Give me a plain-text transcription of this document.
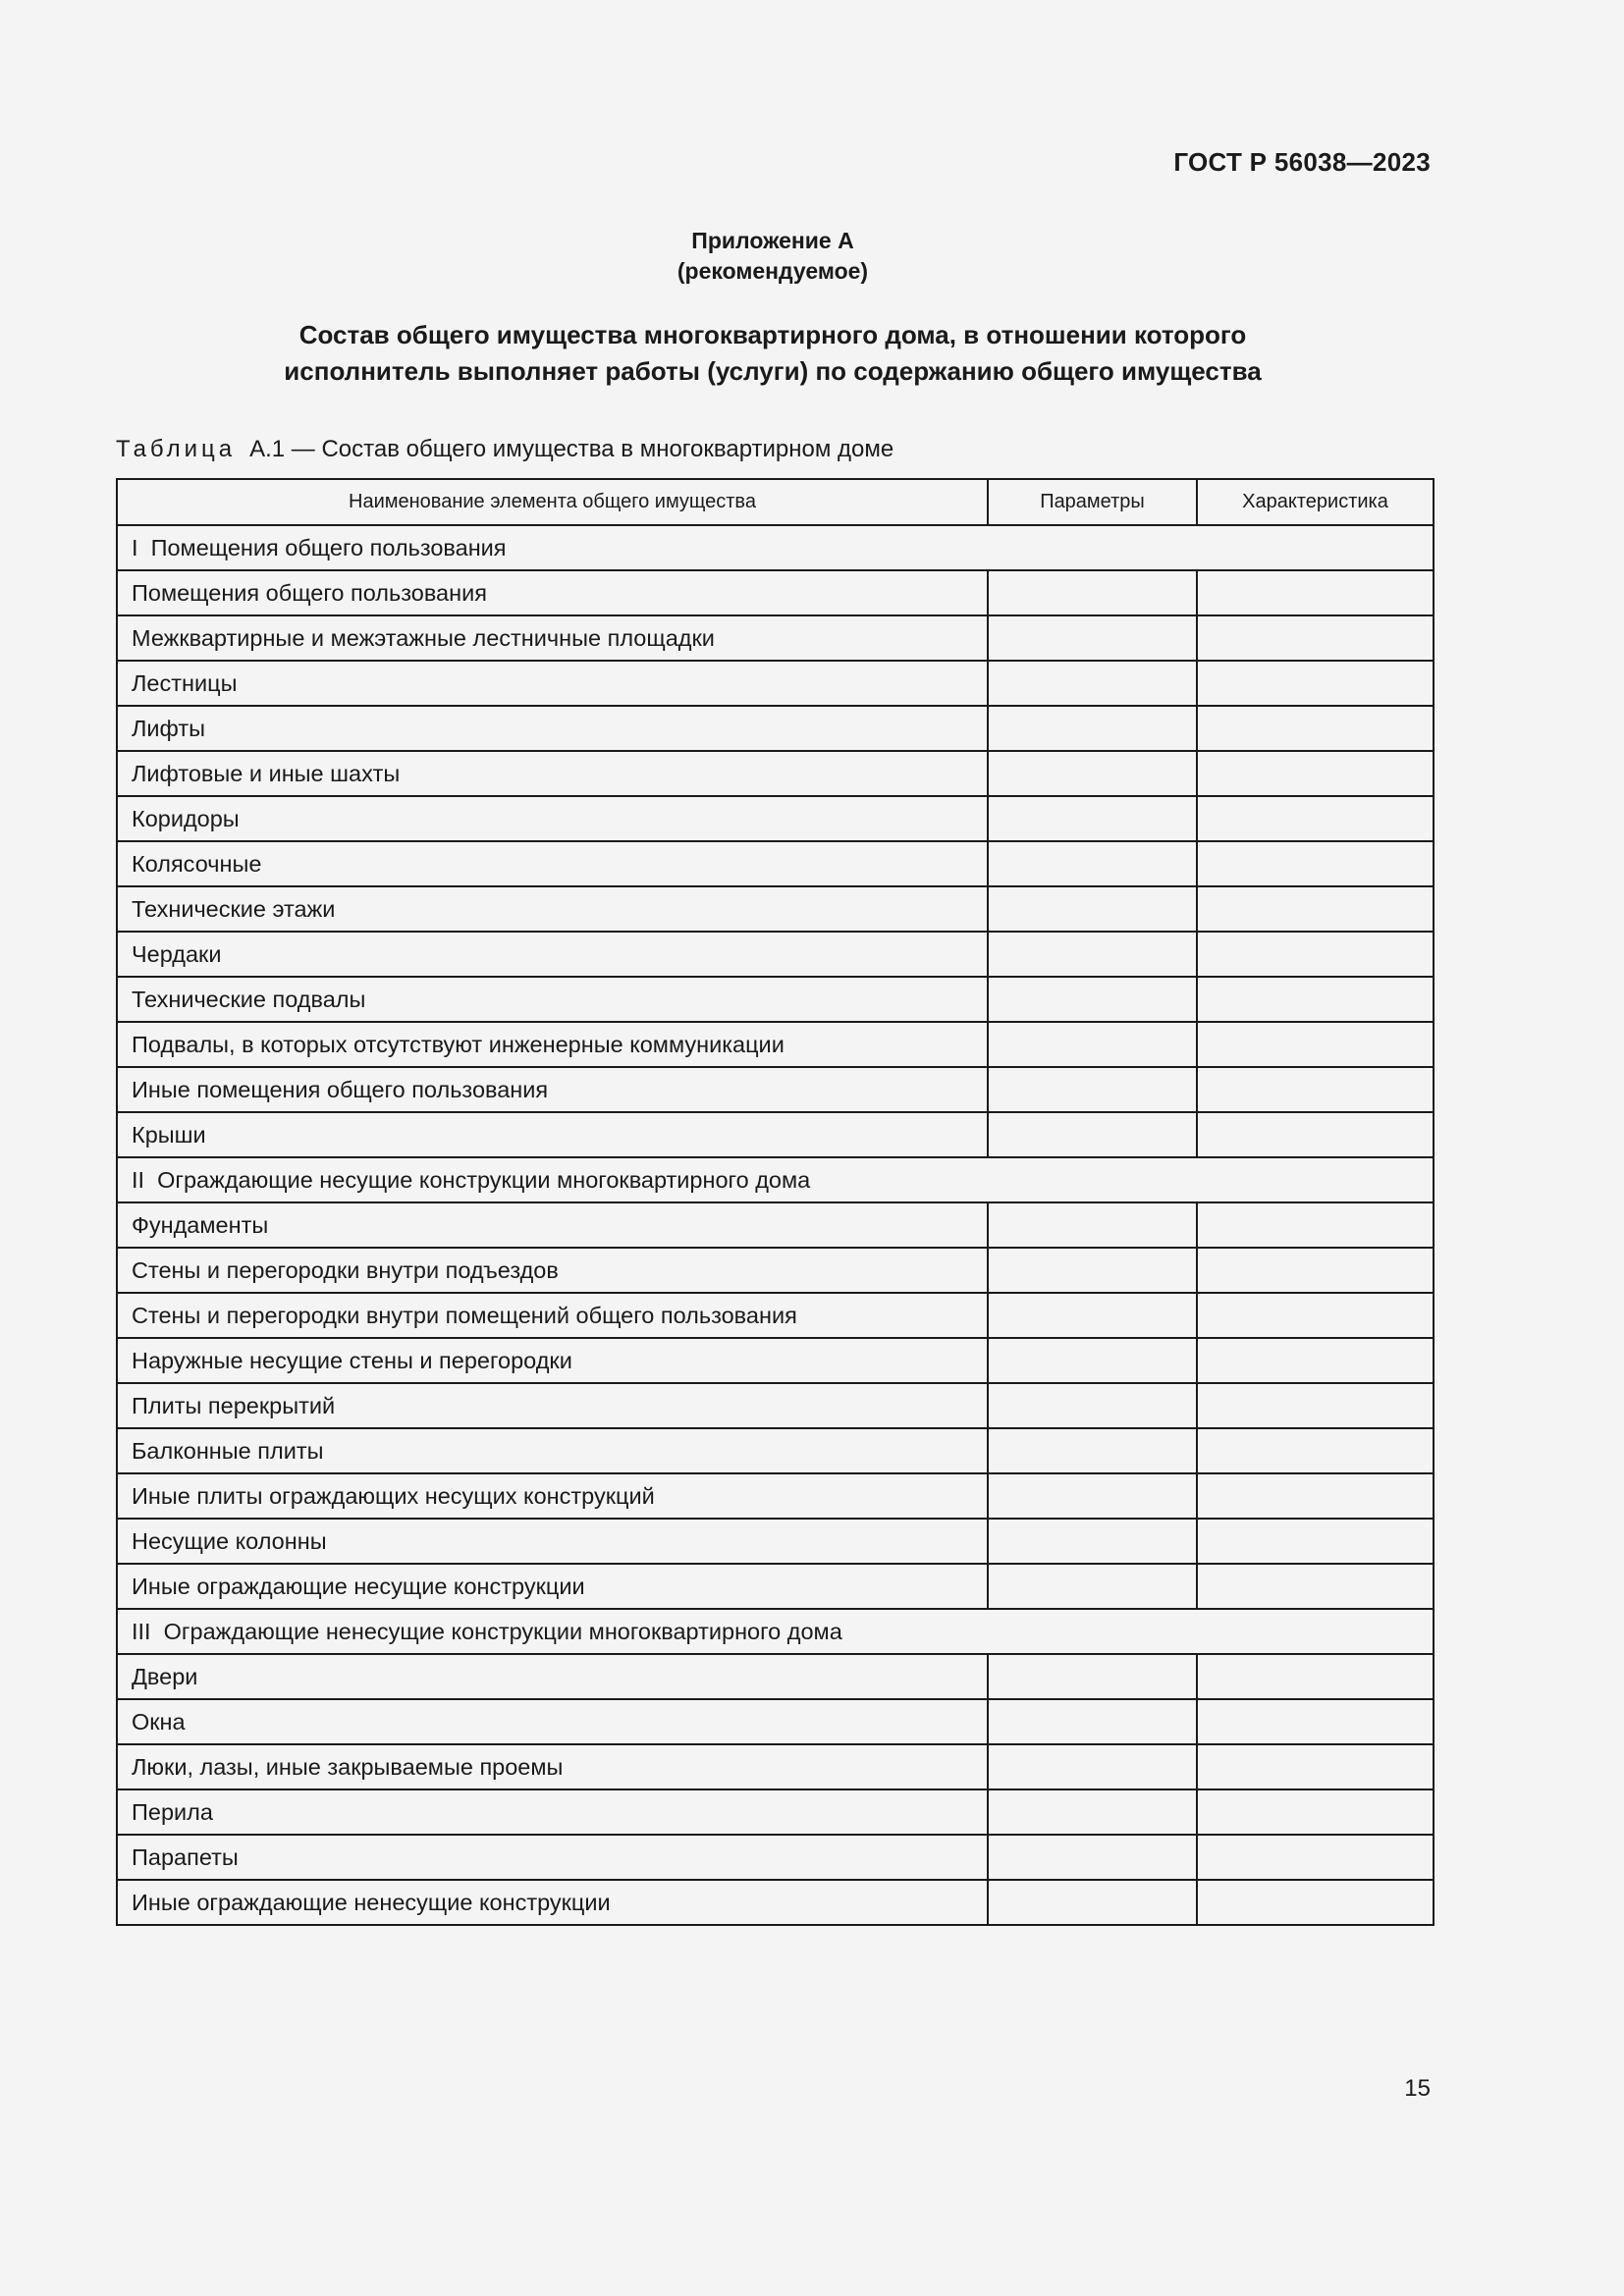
ГОСТ Р 56038—2023
Приложение А
(рекомендуемое)
Состав общего имущества многоквартирного дома, в отношении которого
исполнитель выполняет работы (услуги) по содержанию общего имущества
Таблица А.1 — Состав общего имущества в многоквартирном доме
Наименование элемента общего имущества	Параметры	Характеристика
I  Помещения общего пользования		
Помещения общего пользования		
Межквартирные и межэтажные лестничные площадки		
Лестницы		
Лифты		
Лифтовые и иные шахты		
Коридоры		
Колясочные		
Технические этажи		
Чердаки		
Технические подвалы		
Подвалы, в которых отсутствуют инженерные коммуникации		
Иные помещения общего пользования		
Крыши		
II  Ограждающие несущие конструкции многоквартирного дома		
Фундаменты		
Стены и перегородки внутри подъездов		
Стены и перегородки внутри помещений общего пользования		
Наружные несущие стены и перегородки		
Плиты перекрытий		
Балконные плиты		
Иные плиты ограждающих несущих конструкций		
Несущие колонны		
Иные ограждающие несущие конструкции		
III  Ограждающие ненесущие конструкции многоквартирного дома		
Двери		
Окна		
Люки, лазы, иные закрываемые проемы		
Перила		
Парапеты		
Иные ограждающие ненесущие конструкции		
15
